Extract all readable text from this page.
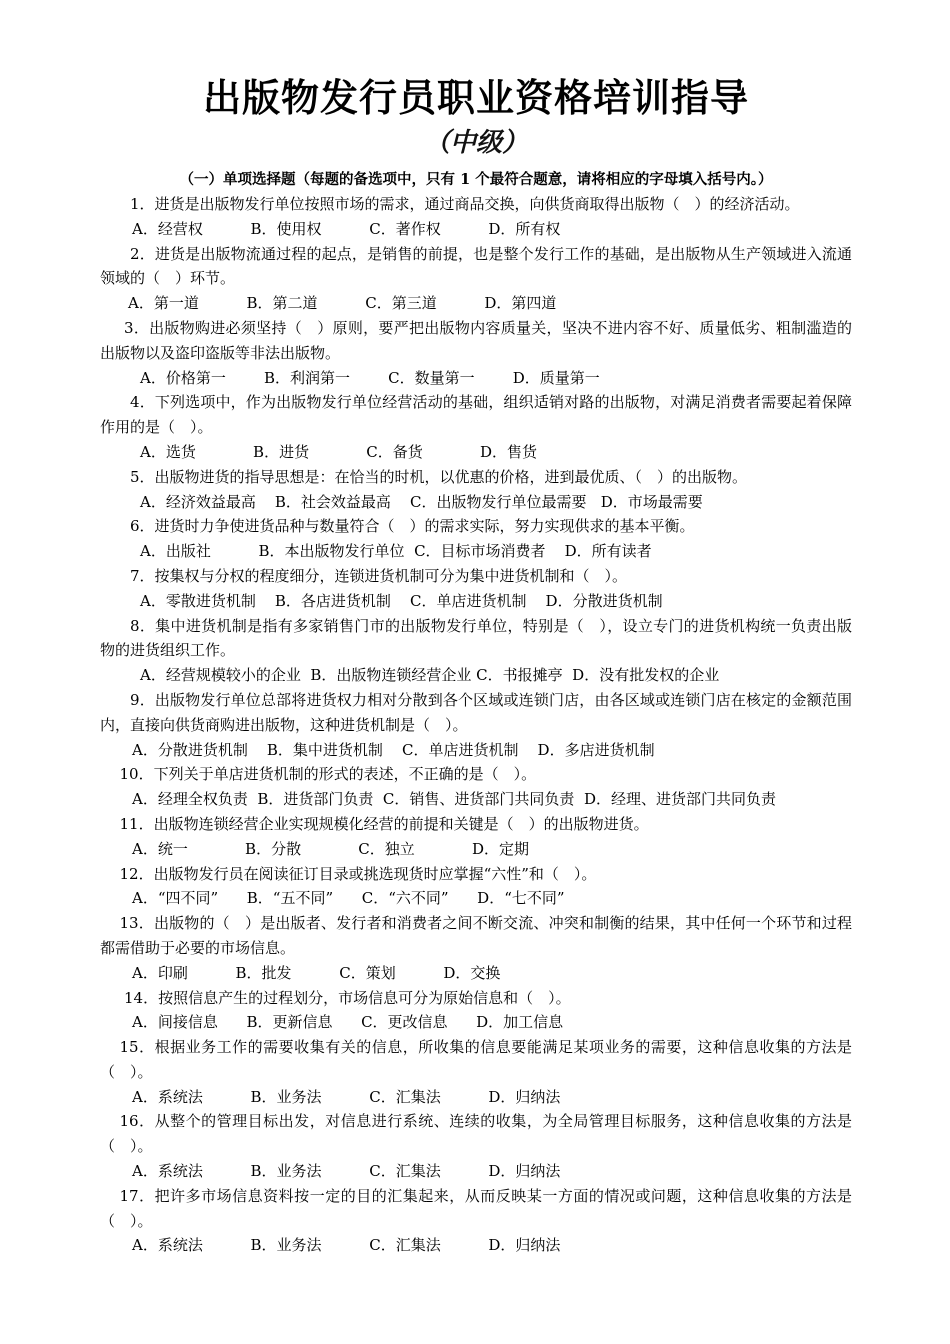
出版物发行员职业资格培训指导

（中级）

（一）单项选择题（每题的备选项中，只有 1 个最符合题意，请将相应的字母填入括号内。）

1．进货是出版物发行单位按照市场的需求，通过商品交换，向供货商取得出版物（　）的经济活动。

A．经营权          B．使用权          C．著作权          D．所有权

2．进货是出版物流通过程的起点，是销售的前提，也是整个发行工作的基础，是出版物从生产领域进入流通领域的（　）环节。

A．第一道          B．第二道          C．第三道          D．第四道

3．出版物购进必须坚持（　）原则，要严把出版物内容质量关，坚决不进内容不好、质量低劣、粗制滥造的出版物以及盗印盗版等非法出版物。

A．价格第一        B．利润第一        C．数量第一        D．质量第一

4．下列选项中，作为出版物发行单位经营活动的基础，组织适销对路的出版物，对满足消费者需要起着保障作用的是（　）。

A．选货            B．进货            C．备货            D．售货

5．出版物进货的指导思想是：在恰当的时机，以优惠的价格，进到最优质、（　）的出版物。

A．经济效益最高    B．社会效益最高    C．出版物发行单位最需要   D．市场最需要

6．进货时力争使进货品种与数量符合（　）的需求实际，努力实现供求的基本平衡。

A．出版社          B．本出版物发行单位  C．目标市场消费者    D．所有读者

7．按集权与分权的程度细分，连锁进货机制可分为集中进货机制和（　）。

A．零散进货机制    B．各店进货机制    C．单店进货机制    D．分散进货机制

8．集中进货机制是指有多家销售门市的出版物发行单位，特别是（　），设立专门的进货机构统一负责出版物的进货组织工作。

A．经营规模较小的企业  B．出版物连锁经营企业 C．书报摊亭  D．没有批发权的企业

9．出版物发行单位总部将进货权力相对分散到各个区域或连锁门店，由各区域或连锁门店在核定的金额范围内，直接向供货商购进出版物，这种进货机制是（　）。

A．分散进货机制    B．集中进货机制    C．单店进货机制    D．多店进货机制

10．下列关于单店进货机制的形式的表述，不正确的是（　）。

A．经理全权负责  B．进货部门负责  C．销售、进货部门共同负责  D．经理、进货部门共同负责

11．出版物连锁经营企业实现规模化经营的前提和关键是（　）的出版物进货。

A．统一            B．分散            C．独立            D．定期

12．出版物发行员在阅读征订目录或挑选现货时应掌握“六性”和（　）。

A．“四不同”      B．“五不同”      C．“六不同”      D．“七不同”

13．出版物的（　）是出版者、发行者和消费者之间不断交流、冲突和制衡的结果，其中任何一个环节和过程都需借助于必要的市场信息。

A．印刷          B．批发          C．策划          D．交换

14．按照信息产生的过程划分，市场信息可分为原始信息和（　）。

A．间接信息      B．更新信息      C．更改信息      D．加工信息

15．根据业务工作的需要收集有关的信息，所收集的信息要能满足某项业务的需要，这种信息收集的方法是（　）。

A．系统法          B．业务法          C．汇集法          D．归纳法

16．从整个的管理目标出发，对信息进行系统、连续的收集，为全局管理目标服务，这种信息收集的方法是（　）。

A．系统法          B．业务法          C．汇集法          D．归纳法

17．把许多市场信息资料按一定的目的汇集起来，从而反映某一方面的情况或问题，这种信息收集的方法是（　）。

A．系统法          B．业务法          C．汇集法          D．归纳法
